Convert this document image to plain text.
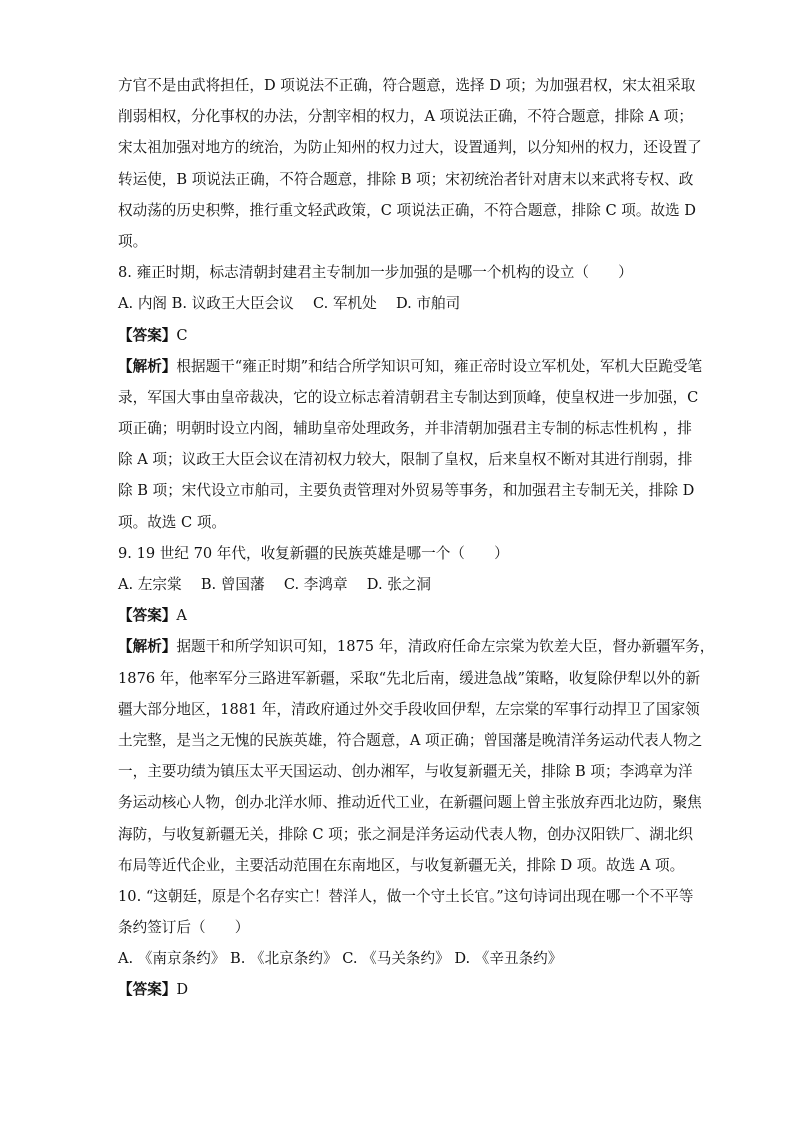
方官不是由武将担任，D 项说法不正确，符合题意，选择 D 项；为加强君权，宋太祖采取
削弱相权，分化事权的办法，分割宰相的权力，A 项说法正确，不符合题意，排除 A 项；
宋太祖加强对地方的统治，为防止知州的权力过大，设置通判，以分知州的权力，还设置了
转运使，B 项说法正确，不符合题意，排除 B 项；宋初统治者针对唐末以来武将专权、政
权动荡的历史积弊，推行重文轻武政策，C 项说法正确，不符合题意，排除 C 项。故选 D
项。
8. 雍正时期，标志清朝封建君主专制加一步加强的是哪一个机构的设立（　　）
A. 内阁 B. 议政王大臣会议　 C. 军机处　 D. 市舶司
【答案】C
【解析】根据题干“雍正时期”和结合所学知识可知，雍正帝时设立军机处，军机大臣跪受笔
录，军国大事由皇帝裁决，它的设立标志着清朝君主专制达到顶峰，使皇权进一步加强，C
项正确；明朝时设立内阁，辅助皇帝处理政务，并非清朝加强君主专制的标志性机构 ，排
除 A 项；议政王大臣会议在清初权力较大，限制了皇权，后来皇权不断对其进行削弱，排
除 B 项；宋代设立市舶司，主要负责管理对外贸易等事务，和加强君主专制无关，排除 D
项。故选 C 项。
9. 19 世纪 70 年代，收复新疆的民族英雄是哪一个（　　）
A. 左宗棠　 B. 曾国藩　 C. 李鸿章　 D. 张之洞
【答案】A
【解析】据题干和所学知识可知，1875 年，清政府任命左宗棠为钦差大臣，督办新疆军务，
1876 年，他率军分三路进军新疆，采取“先北后南，缓进急战”策略，收复除伊犁以外的新
疆大部分地区，1881 年，清政府通过外交手段收回伊犁，左宗棠的军事行动捍卫了国家领
土完整，是当之无愧的民族英雄，符合题意，A 项正确；曾国藩是晚清洋务运动代表人物之
一，主要功绩为镇压太平天国运动、创办湘军，与收复新疆无关，排除 B 项；李鸿章为洋
务运动核心人物，创办北洋水师、推动近代工业，在新疆问题上曾主张放弃西北边防，聚焦
海防，与收复新疆无关，排除 C 项；张之洞是洋务运动代表人物，创办汉阳铁厂、湖北织
布局等近代企业，主要活动范围在东南地区，与收复新疆无关，排除 D 项。故选 A 项。
10. “这朝廷，原是个名存实亡！替洋人，做一个守土长官。”这句诗词出现在哪一个不平等
条约签订后（　　）
A. 《南京条约》 B. 《北京条约》 C. 《马关条约》 D. 《辛丑条约》
【答案】D
